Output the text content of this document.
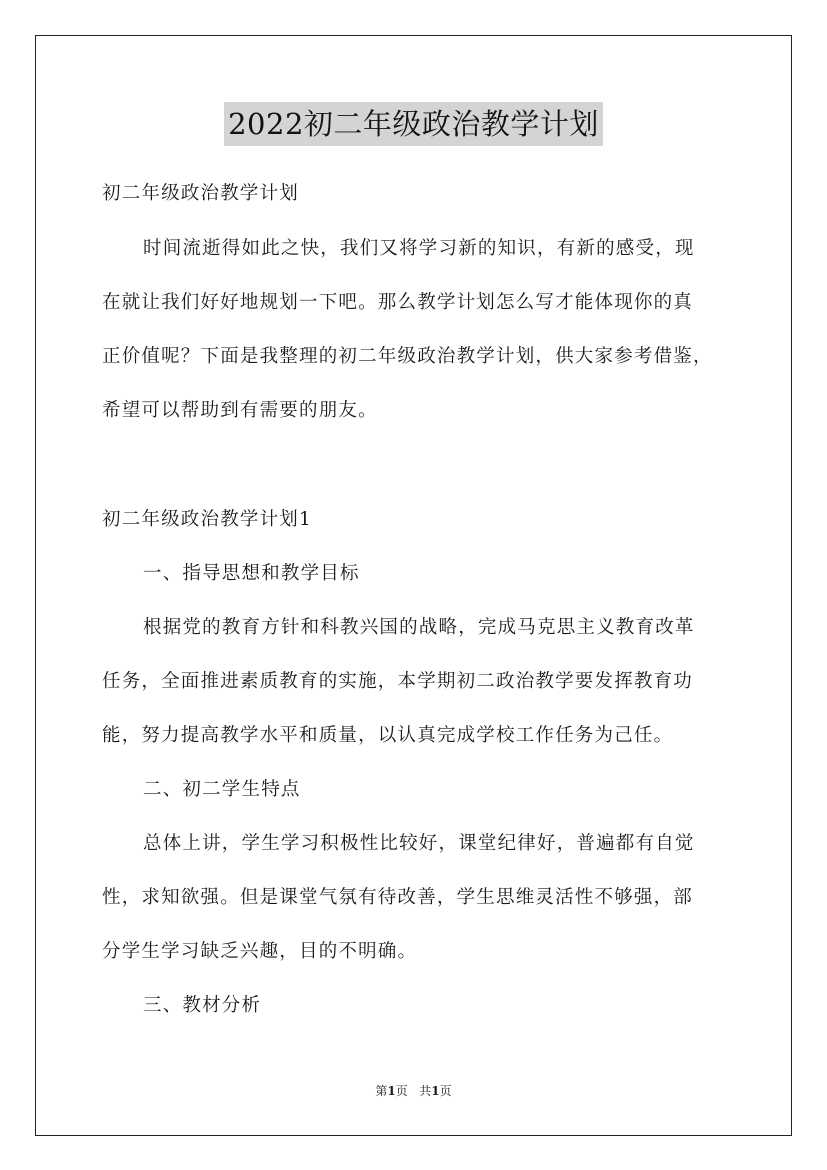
2022初二年级政治教学计划
初二年级政治教学计划
时间流逝得如此之快，我们又将学习新的知识，有新的感受，现
在就让我们好好地规划一下吧。那么教学计划怎么写才能体现你的真
正价值呢？下面是我整理的初二年级政治教学计划，供大家参考借鉴，
希望可以帮助到有需要的朋友。
初二年级政治教学计划1
一、指导思想和教学目标
根据党的教育方针和科教兴国的战略，完成马克思主义教育改革
任务，全面推进素质教育的实施，本学期初二政治教学要发挥教育功
能，努力提高教学水平和质量，以认真完成学校工作任务为己任。
二、初二学生特点
总体上讲，学生学习积极性比较好，课堂纪律好，普遍都有自觉
性，求知欲强。但是课堂气氛有待改善，学生思维灵活性不够强，部
分学生学习缺乏兴趣，目的不明确。
三、教材分析
第1页 共1页
